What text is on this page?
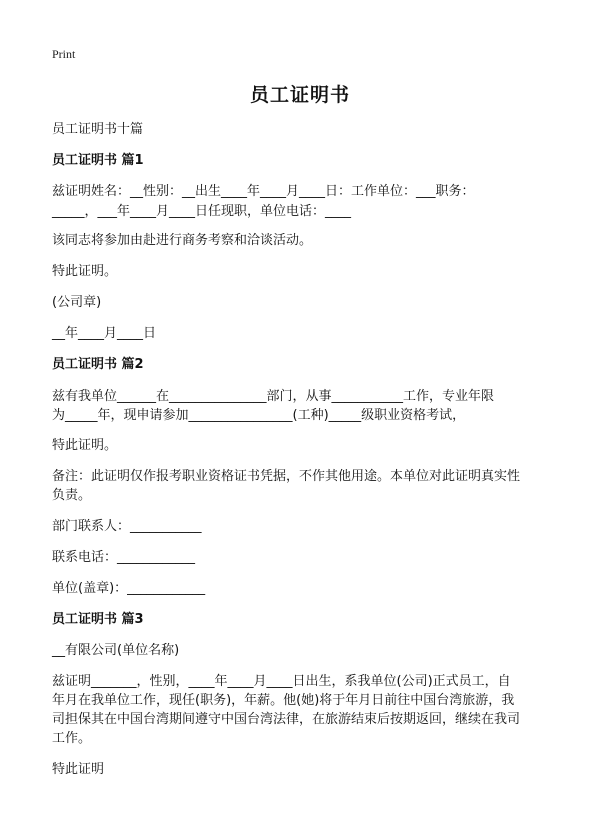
Print
员工证明书
员工证明书十篇
员工证明书 篇1
兹证明姓名：__性别：__出生____年____月____日：工作单位：___职务：
_____，___年____月____日任现职，单位电话：____
该同志将参加由赴进行商务考察和洽谈活动。
特此证明。
(公司章)
__年____月____日
员工证明书 篇2
兹有我单位______在_______________部门，从事___________工作，专业年限
为_____年，现申请参加________________(工种)_____级职业资格考试，
特此证明。
备注：此证明仅作报考职业资格证书凭据，不作其他用途。本单位对此证明真实性
负责。
部门联系人：___________
联系电话：____________
单位(盖章)：____________
员工证明书 篇3
__有限公司(单位名称)
兹证明_______，性别，____年____月____日出生，系我单位(公司)正式员工，自
年月在我单位工作，现任(职务)，年薪。他(她)将于年月日前往中国台湾旅游，我
司担保其在中国台湾期间遵守中国台湾法律，在旅游结束后按期返回，继续在我司
工作。
特此证明
